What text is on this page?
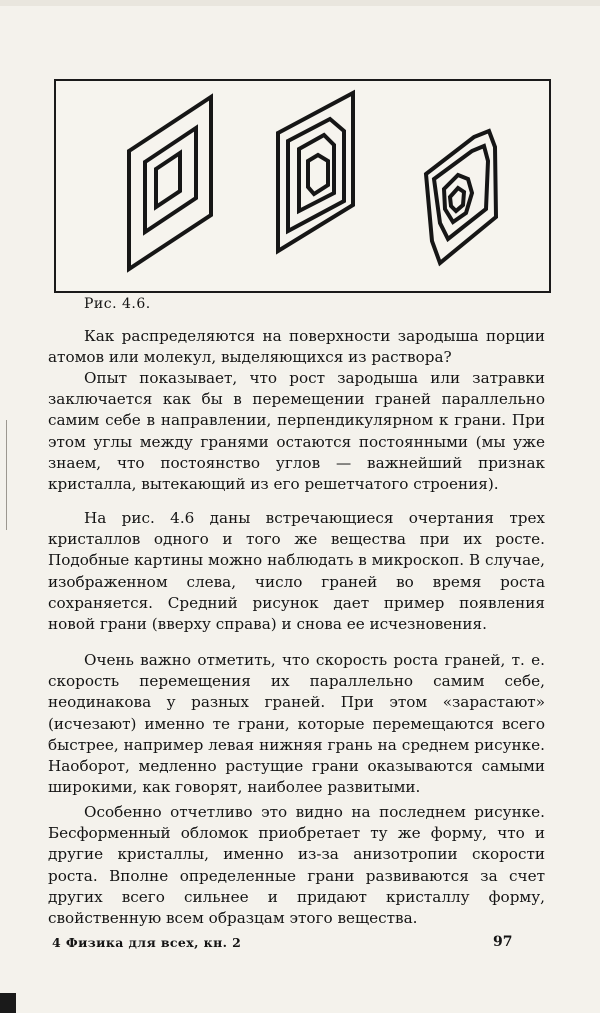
Рис. 4.6.
Как распределяются на поверхности зародыша порции атомов или молекул, выделяющихся из раствора?
Опыт показывает, что рост зародыша или затравки заключается как бы в перемещении граней параллельно самим себе в направлении, перпендикулярном к грани. При этом углы между гранями остаются постоянными (мы уже знаем, что постоянство углов — важнейший признак кристалла, вытекающий из его решетчатого строения).
На рис. 4.6 даны встречающиеся очертания трех кристаллов одного и того же вещества при их росте. Подобные картины можно наблюдать в микроскоп. В случае, изображенном слева, число граней во время роста сохраняется. Средний рисунок дает пример появления новой грани (вверху справа) и снова ее исчезновения.
Очень важно отметить, что скорость роста граней, т. е. скорость перемещения их параллельно самим себе, неодинакова у разных граней. При этом «зарастают» (исчезают) именно те грани, которые перемещаются всего быстрее, например левая нижняя грань на среднем рисунке. Наоборот, медленно растущие грани оказываются самыми широкими, как говорят, наиболее развитыми.
Особенно отчетливо это видно на последнем рисунке. Бесформенный обломок приобретает ту же форму, что и другие кристаллы, именно из-за анизотропии скорости роста. Вполне определенные грани развиваются за счет других всего сильнее и придают кристаллу форму, свойственную всем образцам этого вещества.
4 Физика для всех, кн. 2	97
